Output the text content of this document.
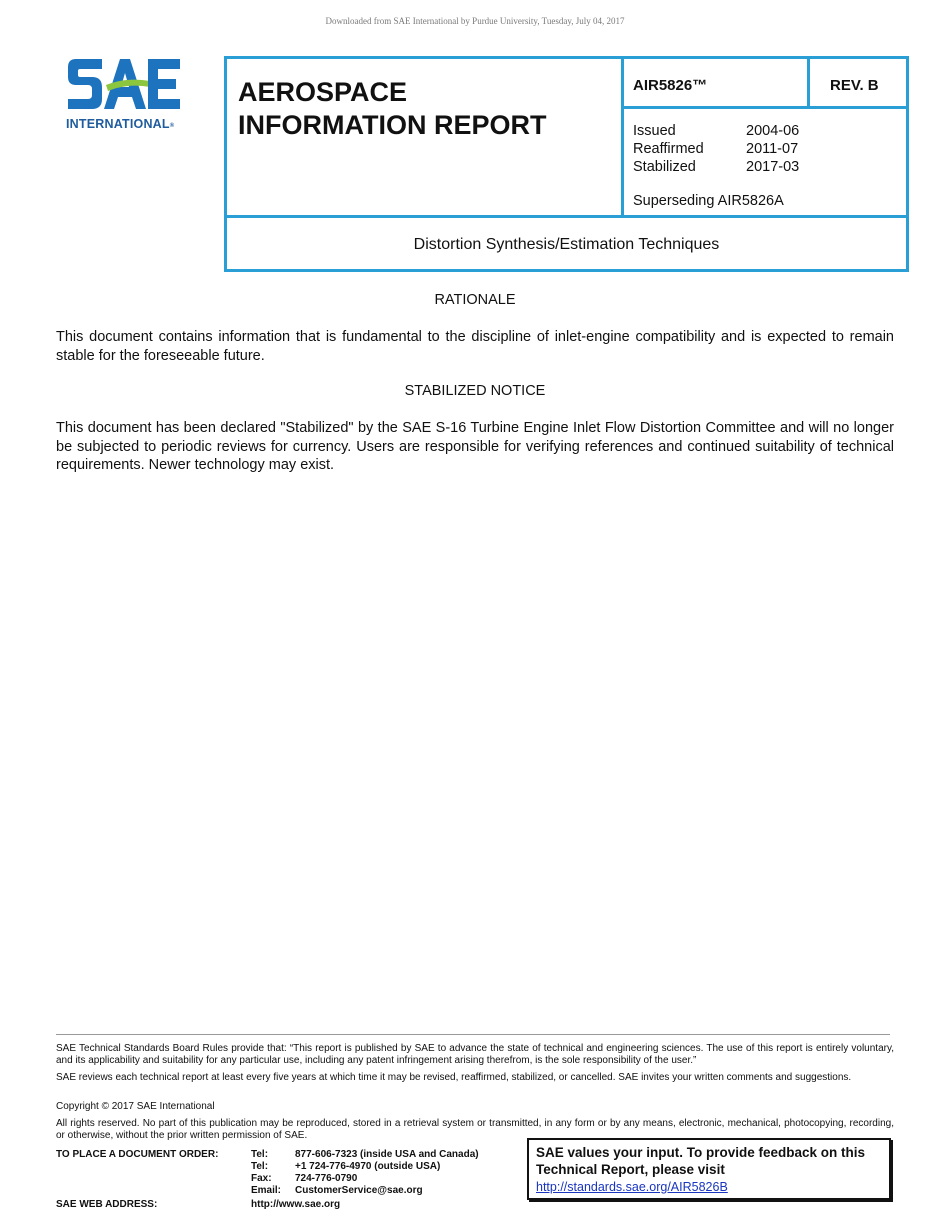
Downloaded from SAE International by Purdue University, Tuesday, July 04, 2017
INTERNATIONAL®
AEROSPACE
INFORMATION REPORT
AIR5826™	REV. B
Issued	2004-06
Reaffirmed	2011-07
Stabilized	2017-03
Superseding AIR5826A
Distortion Synthesis/Estimation Techniques
RATIONALE

This document contains information that is fundamental to the discipline of inlet-engine compatibility and is expected to remain stable for the foreseeable future.

STABILIZED NOTICE

This document has been declared "Stabilized" by the SAE S-16 Turbine Engine Inlet Flow Distortion Committee and will no longer be subjected to periodic reviews for currency. Users are responsible for verifying references and continued suitability of technical requirements. Newer technology may exist.

SAE Technical Standards Board Rules provide that: “This report is published by SAE to advance the state of technical and engineering sciences. The use of this report is entirely voluntary, and its applicability and suitability for any particular use, including any patent infringement arising therefrom, is the sole responsibility of the user.”

SAE reviews each technical report at least every five years at which time it may be revised, reaffirmed, stabilized, or cancelled. SAE invites your written comments and suggestions.

Copyright © 2017 SAE International

All rights reserved. No part of this publication may be reproduced, stored in a retrieval system or transmitted, in any form or by any means, electronic, mechanical, photocopying, recording, or otherwise, without the prior written permission of SAE.

TO PLACE A DOCUMENT ORDER:	Tel:	877-606-7323 (inside USA and Canada)
Tel:	+1 724-776-4970 (outside USA)
Fax: 724-776-0790
Email: CustomerService@sae.org
SAE WEB ADDRESS:	http://www.sae.org
SAE values your input. To provide feedback on this
Technical Report, please visit
http://standards.sae.org/AIR5826B
